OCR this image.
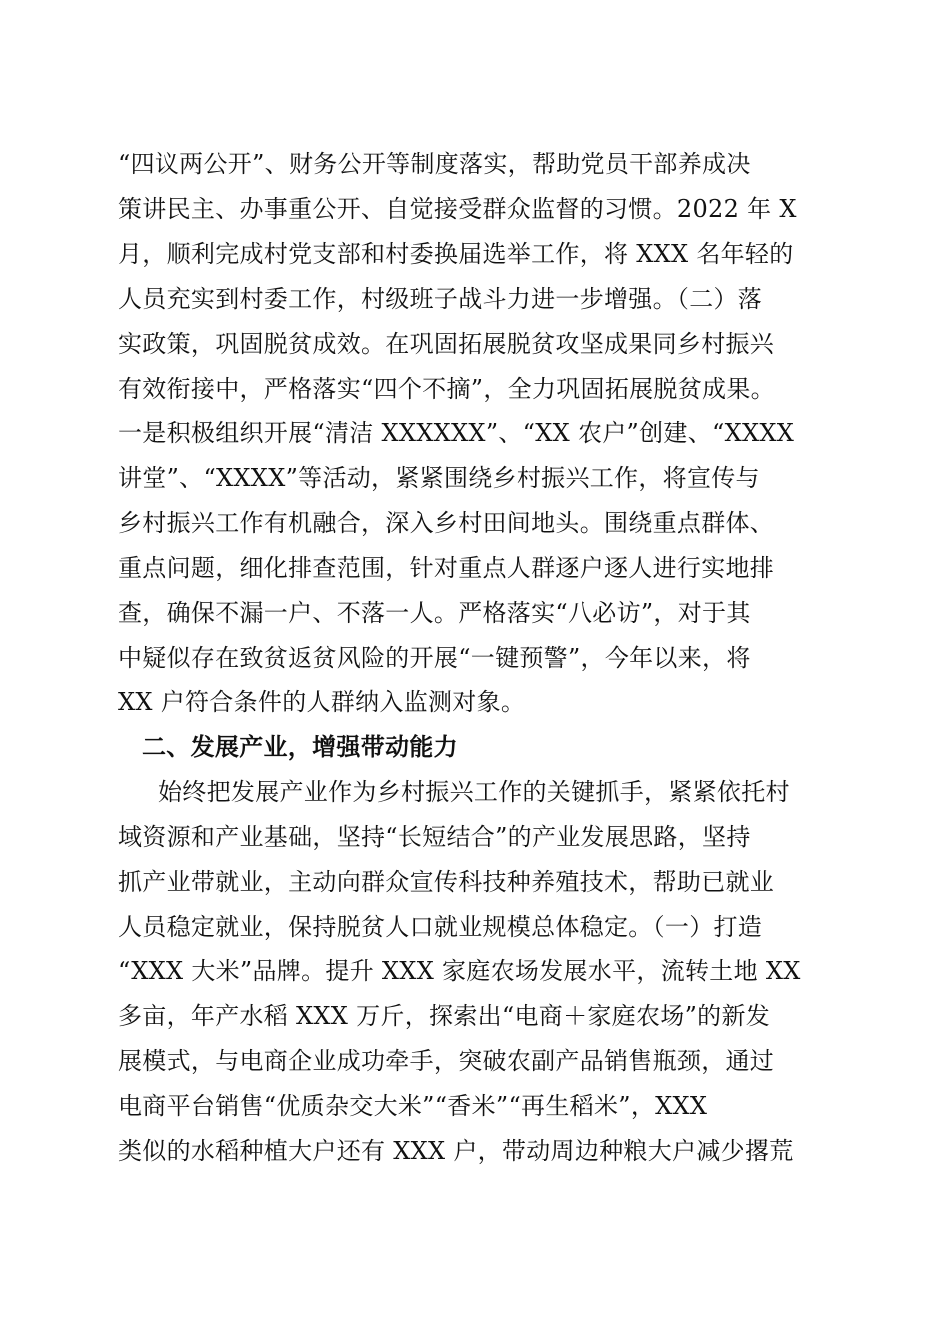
“四议两公开”、财务公开等制度落实，帮助党员干部养成决
策讲民主、办事重公开、自觉接受群众监督的习惯。2022 年 X
月，顺利完成村党支部和村委换届选举工作，将 XXX 名年轻的
人员充实到村委工作，村级班子战斗力进一步增强。（二）落
实政策，巩固脱贫成效。在巩固拓展脱贫攻坚成果同乡村振兴
有效衔接中，严格落实“四个不摘”，全力巩固拓展脱贫成果。
一是积极组织开展“清洁 XXXXXX”、“XX 农户”创建、“XXXX
讲堂”、“XXXX”等活动，紧紧围绕乡村振兴工作，将宣传与
乡村振兴工作有机融合，深入乡村田间地头。围绕重点群体、
重点问题，细化排查范围，针对重点人群逐户逐人进行实地排
查，确保不漏一户、不落一人。严格落实“八必访”，对于其
中疑似存在致贫返贫风险的开展“一键预警”，今年以来，将
XX 户符合条件的人群纳入监测对象。
二、发展产业，增强带动能力
始终把发展产业作为乡村振兴工作的关键抓手，紧紧依托村
域资源和产业基础，坚持“长短结合”的产业发展思路，坚持
抓产业带就业，主动向群众宣传科技种养殖技术，帮助已就业
人员稳定就业，保持脱贫人口就业规模总体稳定。（一）打造
“XXX 大米”品牌。提升 XXX 家庭农场发展水平，流转土地 XX
多亩，年产水稻 XXX 万斤，探索出“电商＋家庭农场”的新发
展模式，与电商企业成功牵手，突破农副产品销售瓶颈，通过
电商平台销售“优质杂交大米”“香米”“再生稻米”，XXX
类似的水稻种植大户还有 XXX 户，带动周边种粮大户减少撂荒
